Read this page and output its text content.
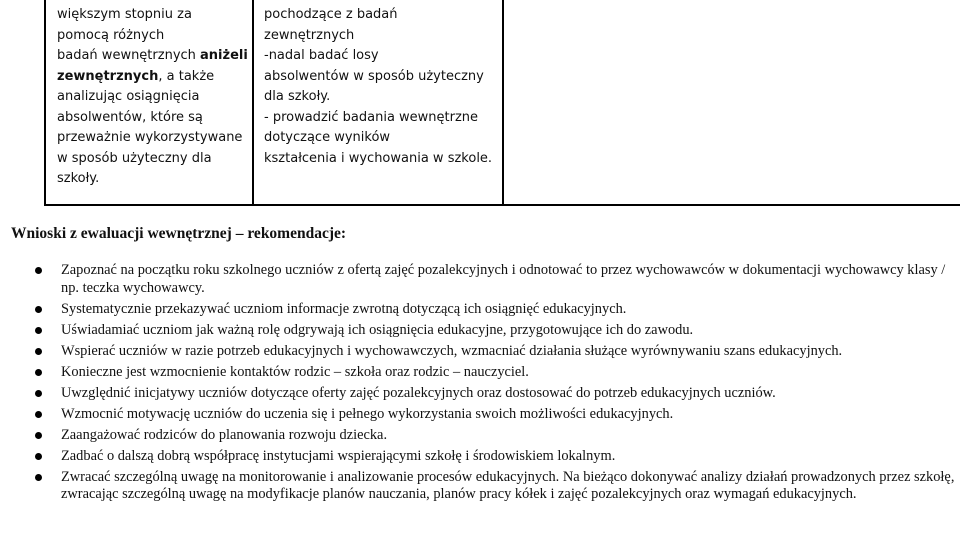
większym stopniu za
pomocą różnych
badań wewnętrznych aniżeli
zewnętrznych, a także
analizując osiągnięcia
absolwentów, które są
przeważnie wykorzystywane
w sposób użyteczny dla
szkoły.
pochodzące z badań
zewnętrznych
-nadal badać losy
absolwentów w sposób użyteczny
dla szkoły.
- prowadzić badania wewnętrzne
dotyczące wyników
kształcenia i wychowania w szkole.
Wnioski z ewaluacji wewnętrznej – rekomendacje:
Zapoznać na początku roku szkolnego uczniów z ofertą zajęć pozalekcyjnych i odnotować to przez wychowawców w dokumentacji wychowawcy klasy / np. teczka wychowawcy.
Systematycznie przekazywać uczniom informacje zwrotną dotyczącą ich osiągnięć edukacyjnych.
Uświadamiać uczniom jak ważną rolę odgrywają ich osiągnięcia edukacyjne, przygotowujące ich do zawodu.
Wspierać uczniów w razie potrzeb edukacyjnych i wychowawczych, wzmacniać działania służące wyrównywaniu szans edukacyjnych.
Konieczne jest wzmocnienie kontaktów rodzic – szkoła oraz rodzic – nauczyciel.
Uwzględnić inicjatywy uczniów dotyczące oferty zajęć pozalekcyjnych oraz dostosować do potrzeb edukacyjnych uczniów.
Wzmocnić motywację uczniów do uczenia się i pełnego wykorzystania swoich możliwości edukacyjnych.
Zaangażować rodziców do planowania rozwoju dziecka.
Zadbać o dalszą dobrą współpracę instytucjami wspierającymi szkołę i środowiskiem lokalnym.
Zwracać szczególną uwagę na monitorowanie i analizowanie procesów edukacyjnych. Na bieżąco dokonywać analizy działań prowadzonych przez szkołę, zwracając szczególną uwagę na modyfikacje planów nauczania, planów pracy kółek i zajęć pozalekcyjnych oraz wymagań edukacyjnych.
